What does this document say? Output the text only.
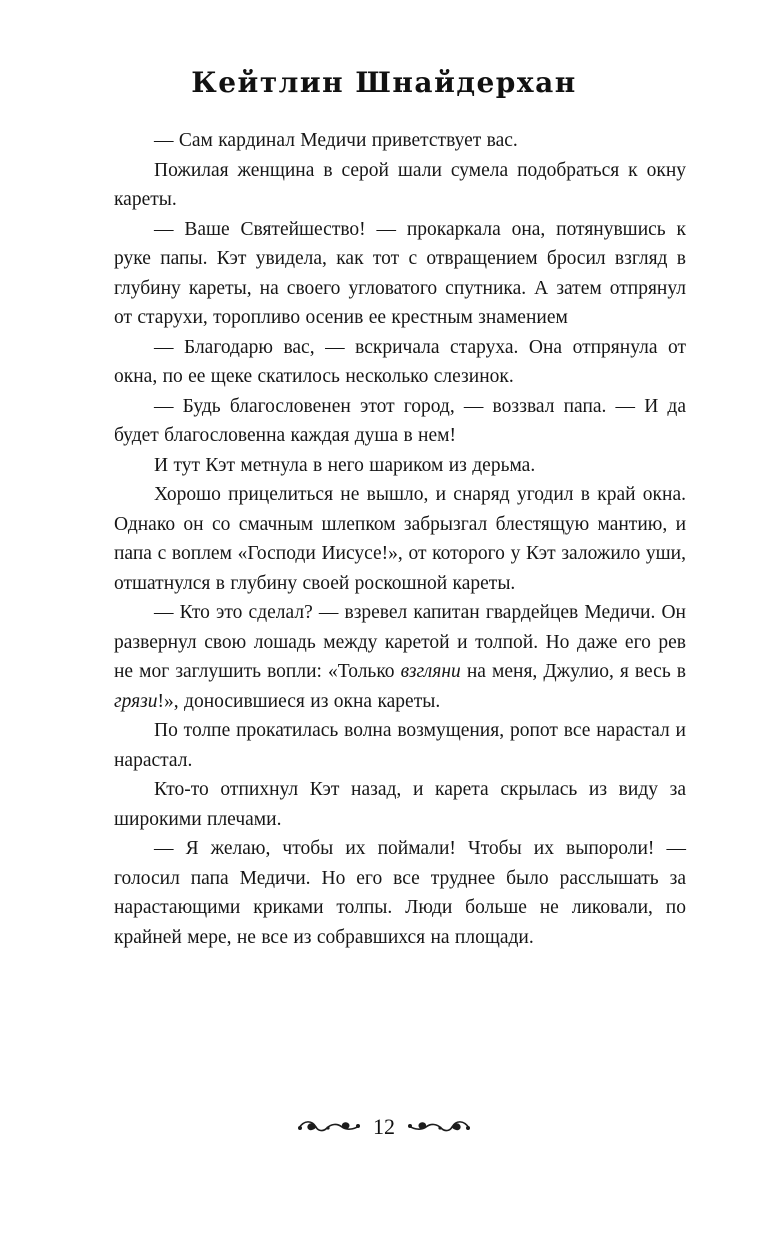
Кейтлин Шнайдерхан

— Сам кардинал Медичи приветствует вас.

Пожилая женщина в серой шали сумела подобраться к окну кареты.

— Ваше Святейшество! — прокаркала она, потянувшись к руке папы. Кэт увидела, как тот с отвращением бросил взгляд в глубину кареты, на своего угловатого спутника. А затем отпрянул от старухи, торопливо осенив ее крестным знамением

— Благодарю вас, — вскричала старуха. Она отпрянула от окна, по ее щеке скатилось несколько слезинок.

— Будь благословенен этот город, — воззвал папа. — И да будет благословенна каждая душа в нем!

И тут Кэт метнула в него шариком из дерьма.

Хорошо прицелиться не вышло, и снаряд угодил в край окна. Однако он со смачным шлепком забрызгал блестящую мантию, и папа с воплем «Господи Иисусе!», от которого у Кэт заложило уши, отшатнулся в глубину своей роскошной кареты.

— Кто это сделал? — взревел капитан гвардейцев Медичи. Он развернул свою лошадь между каретой и толпой. Но даже его рев не мог заглушить вопли: «Только взгляни на меня, Джулио, я весь в грязи!», доносившиеся из окна кареты.

По толпе прокатилась волна возмущения, ропот все нарастал и нарастал.

Кто-то отпихнул Кэт назад, и карета скрылась из виду за широкими плечами.

— Я желаю, чтобы их поймали! Чтобы их выпороли! — голосил папа Медичи. Но его все труднее было расслышать за нарастающими криками толпы. Люди больше не ликовали, по крайней мере, не все из собравшихся на площади.

12
